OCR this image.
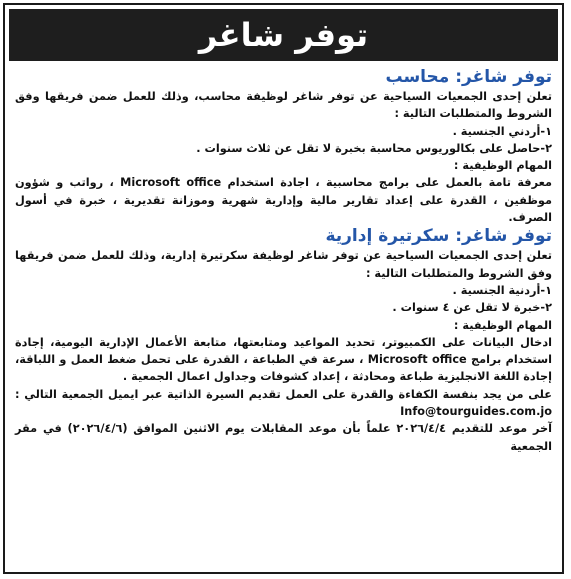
توفر شاغر

توفر شاغر: محاسب

تعلن إحدى الجمعيات السياحية عن توفر شاغر لوظيفة محاسب، وذلك للعمل ضمن فريقها وفق الشروط والمتطلبات التالية :

١-أردني الجنسية .

٢-حاصل على بكالوريوس محاسبة بخبرة لا تقل عن ثلاث سنوات .

المهام الوظيفية :

معرفة تامة بالعمل على برامج محاسبية ، اجادة استخدام Microsoft office ، رواتب و شؤون موظفين ، القدرة على إعداد تقارير مالية وإدارية شهرية وموزانة تقديرية ، خبرة في أسول الصرف.

توفر شاغر: سكرتيرة إدارية

تعلن إحدى الجمعيات السياحية عن توفر شاغر لوظيفة سكرتيرة إدارية، وذلك للعمل ضمن فريقها وفق الشروط والمتطلبات التالية :

١-أردنية الجنسية .

٢-خبرة لا تقل عن ٤ سنوات .

المهام الوظيفية :

ادخال البيانات على الكمبيوتر، تحديد المواعيد ومتابعتها، متابعة الأعمال الإدارية اليومية، إجادة استخدام برامج Microsoft office ، سرعة في الطباعة ، القدرة على تحمل ضغط العمل و اللباقة، إجادة اللغة الانجليزية طباعة ومحادثة ، إعداد كشوفات وجداول اعمال الجمعية .

على من يجد بنفسة الكفاءة والقدرة على العمل تقديم السيرة الذاتية عبر ايميل الجمعية التالي : Info@tourguides.com.jo

آخر موعد للتقديم ٢٠٢٦/٤/٤ علماً بأن موعد المقابلات يوم الاثنين الموافق (٢٠٢٦/٤/٦) في مقر الجمعية
